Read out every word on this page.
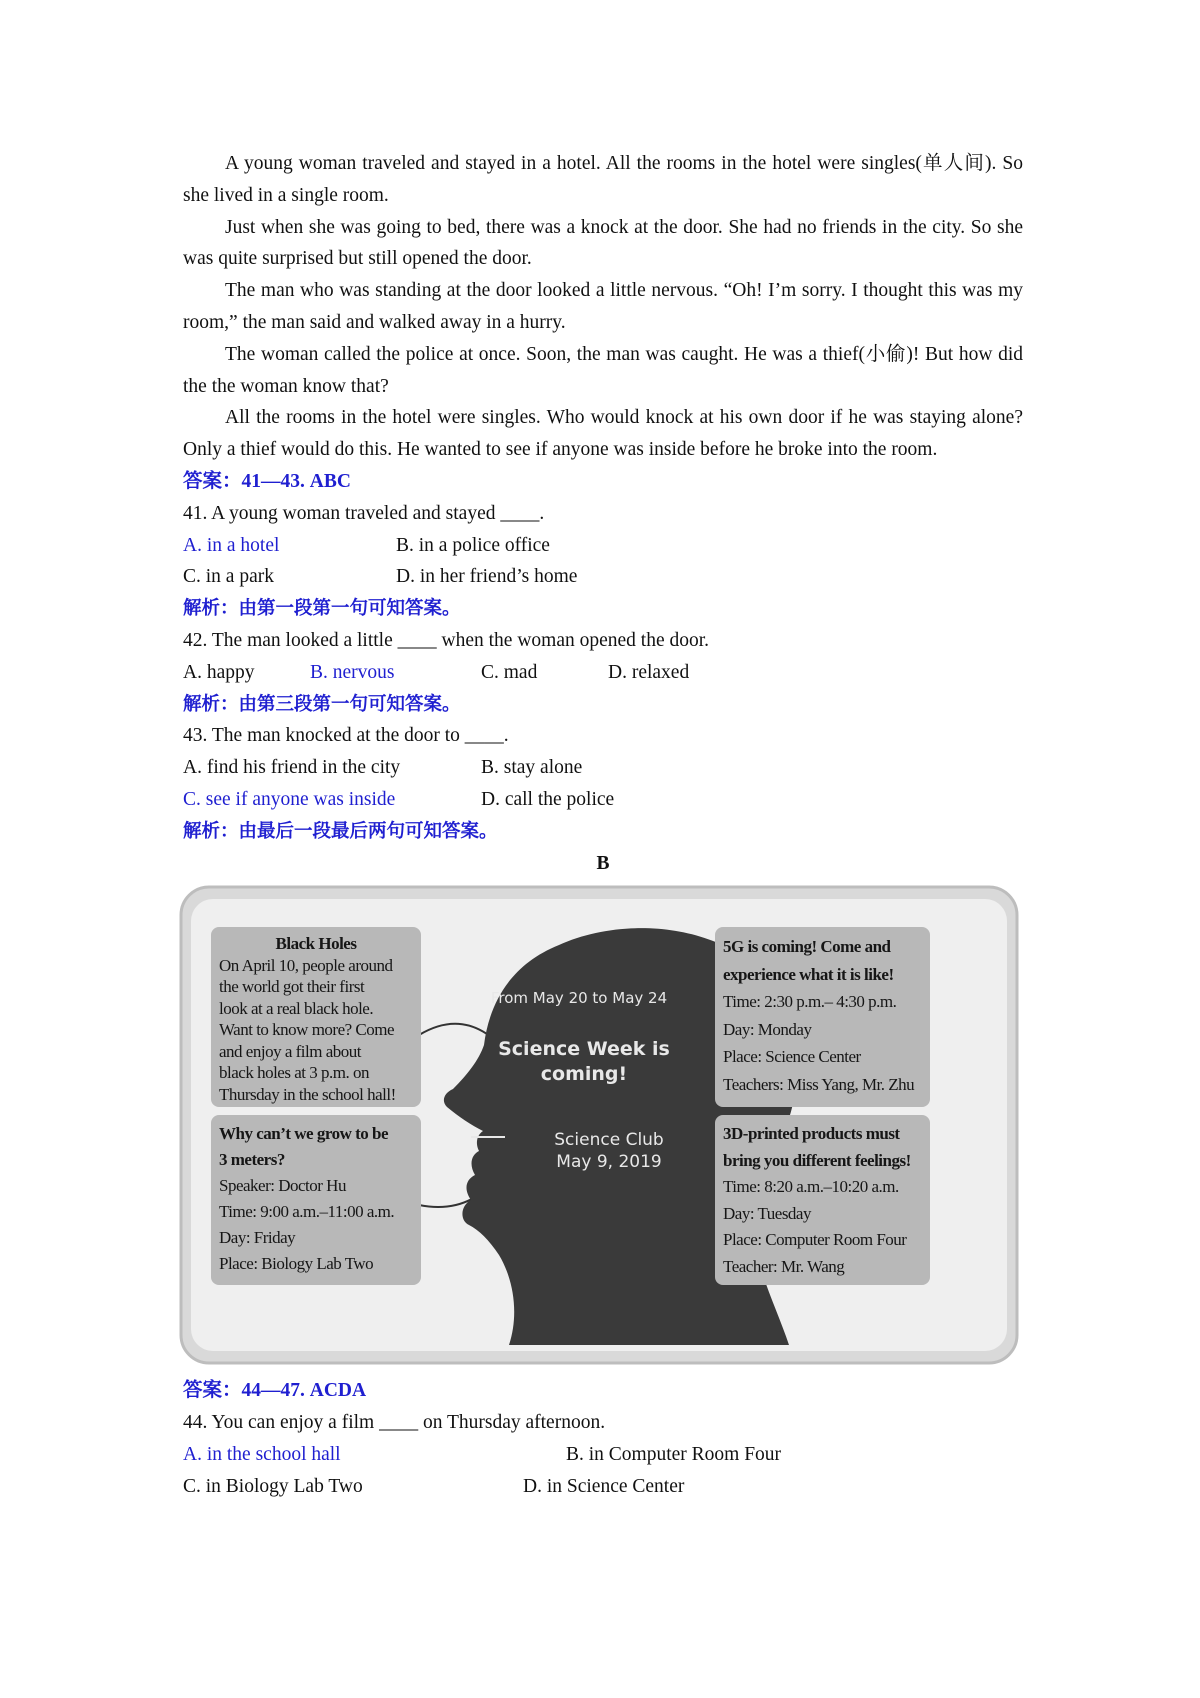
A young woman traveled and stayed in a hotel. All the rooms in the hotel were singles(单人间). So she lived in a single room.

Just when she was going to bed, there was a knock at the door. She had no friends in the city. So she was quite surprised but still opened the door.

The man who was standing at the door looked a little nervous. “Oh! I’m sorry. I thought this was my room,” the man said and walked away in a hurry.

The woman called the police at once. Soon, the man was caught. He was a thief(小偷)! But how did the the woman know that?

All the rooms in the hotel were singles. Who would knock at his own door if he was staying alone? Only a thief would do this. He wanted to see if anyone was inside before he broke into the room.

答案：41—43. ABC

41. A young woman traveled and stayed ____.

A. in a hotel	B. in a police office
C. in a park	D. in her friend’s home

解析：由第一段第一句可知答案。

42. The man looked a little ____ when the woman opened the door.

A. happy	B. nervous	C. mad	D. relaxed

解析：由第三段第一句可知答案。

43. The man knocked at the door to ____.

A. find his friend in the city	B. stay alone
C. see if anyone was inside	D. call the police

解析：由最后一段最后两句可知答案。

B

From May 20 to May 24
Science Week is
coming!
Science Club
May 9, 2019
Black Holes
On April 10, people around
the world got their first
look at a real black hole.
Want to know more? Come
and enjoy a film about
black holes at 3 p.m. on
Thursday in the school hall!
Why can’t we grow to be
3 meters?
Speaker: Doctor Hu
Time: 9:00 a.m.–11:00 a.m.
Day: Friday
Place: Biology Lab Two
5G is coming! Come and
experience what it is like!
Time: 2:30 p.m.– 4:30 p.m.
Day: Monday
Place: Science Center
Teachers: Miss Yang, Mr. Zhu
3D-printed products must
bring you different feelings!
Time: 8:20 a.m.–10:20 a.m.
Day: Tuesday
Place: Computer Room Four
Teacher: Mr. Wang

答案：44—47. ACDA

44. You can enjoy a film ____ on Thursday afternoon.

A. in the school hall	B. in Computer Room Four
C. in Biology Lab Two	D. in Science Center
